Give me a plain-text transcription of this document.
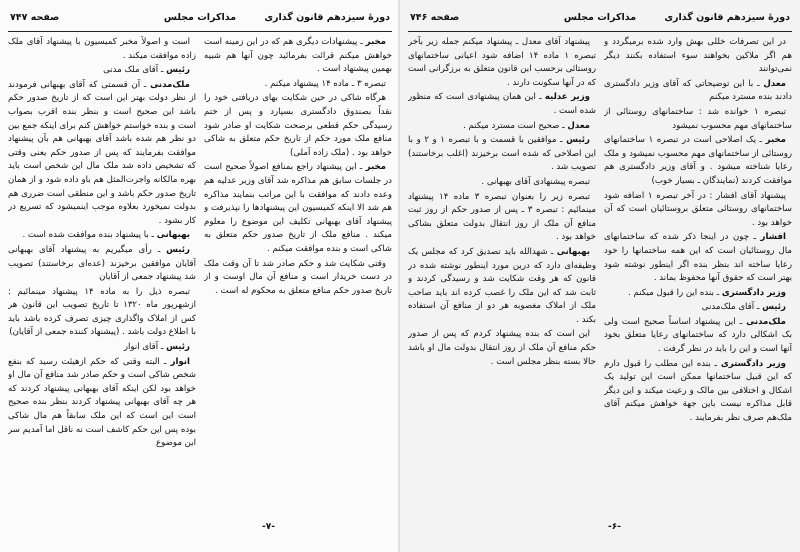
دورهٔ سیزدهم قانون گذاری
مذاکرات مجلس
صفحه ۷۴۷

مخبر ـ پیشنهادات دیگری هم که در این زمینه است خواهش میکنم قرائت بفرمائید چون آنها هم شبیه بهمین پیشنهاد است .

تبصره ۳ ـ ماده ۱۴ پیشنهاد میکنم .

هرگاه شاکی در حین شکایت بهای دریافتی خود را نقداً بصندوق دادگستری بسپارد و پس از ختم رسیدگی حکم قطعی برصحت شکایت او صادر شود منافع ملک مورد حکم از تاریخ حکم متعلق به شاکی خواهد بود . (ملک زاده آملی)

مخبر ـ این پیشنهاد راجع بمنافع اصولاً صحیح است در جلسات سابق هم مذاکره شد آقای وزیر عدلیه هم وعده دادند که موافقت با این مراتب بنمایند مذاکره هم شد الا اینکه کمیسیون این پیشنهادها را نپذیرفت و پیشنهاد آقای بهبهانی تکلیف این موضوع را معلوم میکند . منافع ملک از تاریخ صدور حکم متعلق به شاکی است و بنده موافقت میکنم .

وقتی شکایت شد و حکم صادر شد تا آن وقت ملک در دست خریدار است و منافع آن مال اوست و از تاریخ صدور حکم منافع متعلق به محکوم له است .

است و اصولاً مخبر کمیسیون با پیشنهاد آقای ملک زاده موافقت میکند .

رئیس ـ آقای ملک مدنی

ملک‌مدنی ـ آن قسمتی که آقای بهبهانی فرمودند از نظر دولت بهتر این است که از تاریخ صدور حکم باشد این صحیح است و بنظر بنده اقرب بصواب است و بنده خواستم خواهش کنم برای اینکه جمع بین دو نظر هم شده باشد آقای بهبهانی هم بآن پیشنهاد موافقت بفرمایند که پس از صدور حکم یعنی وقتی که تشخیص داده شد ملک مال این شخص است باید بهره مالکانه واجرت‌المثل هم باو داده شود و از همان تاریخ صدور حکم باشد و این منطقی است ضرری هم بدولت نمیخورد بعلاوه موجب اینمیشود که تسریع در کار بشود .

بهبهانی ـ با پیشنهاد بنده موافقت شده است .

رئیس ـ رأی میگیریم به پیشنهاد آقای بهبهانی آقایان موافقین برخیزند (عده‌ای برخاستند) تصویب شد پیشنهاد جمعی از آقایان

تبصره ذیل را به ماده ۱۴ پیشنهاد مینمائیم : ازشهریور ماه ۱۳۲۰ تا تاریخ تصویب این قانون هر کس از املاک واگذاری چیزی تصرف کرده باشد باید با اطلاع دولت باشد . (پیشنهاد کننده جمعی از آقایان)

رئیس ـ آقای انوار

انوار ـ البته وقتی که حکم ازهیئت رسید که بنفع شخص شاکی است و حکم صادر شد منافع آن مال او خواهد بود لکن اینکه آقای بهبهانی پیشنهاد کردند که هر چه آقای بهبهانی پیشنهاد کردند بنظر بنده صحیح است این است که این ملک سابقاً هم مال شاکی بوده پس این حکم کاشف است نه ناقل اما آمدیم سر این موضوع

-۷-
دورهٔ سیزدهم قانون گذاری
مذاکرات مجلس
صفحه ۷۴۶

در این تصرفات خللی بهش وارد شده برمیگردد و هم اگر ملاکین بخواهند سوء استفاده بکنند دیگر نمی‌توانند

معدل ـ با این توضیحاتی که آقای وزیر دادگستری دادند بنده مسترد میکنم

تبصره ۱ خوانده شد : ساختمانهای روستائی از ساختمانهای مهم محسوب نمیشود

مخبر ـ یک اصلاحی است در تبصره ۱ ساختمانهای روستائی از ساختمانهای مهم محسوب نمیشود و ملک رعایا شناخته میشود . و آقای وزیر دادگستری هم موافقت کردند (نمایندگان ـ بسیار خوب)

پیشنهاد آقای افشار : در آخر تبصره ۱ اضافه شود ساختمانهای روستائی متعلق بروستائیان است که آن خواهد بود .

افشار ـ چون در اینجا ذکر شده که ساختمانهای مال روستائیان است که این همه ساختمانها را خود رعایا ساخته اند بنظر بنده اگر اینطور نوشته شود بهتر است که حقوق آنها محفوظ بماند .

وزیر دادگستری ـ بنده این را قبول میکنم .

رئیس ـ آقای ملک‌مدنی

ملک‌مدنی ـ این پیشنهاد اساساً صحیح است ولی بک اشکالی دارد که ساختمانهای رعایا متعلق بخود آنها است و این را باید در نظر گرفت .

وزیر دادگستری ـ بنده این مطلب را قبول دارم که این قبیل ساختمانها ممکن است این تولید یک اشکال و اختلافی بین مالک و رعیت میکند و این دیگر قابل مذاکره نیست باین جهة خواهش میکنم آقای ملک‌هم صرف نظر بفرمایند .

پیشنهاد آقای معدل ـ پیشنهاد میکنم جمله زیر بآخر تبصره ۱ ماده ۱۴ اضافه شود اعیانی ساختمانهای روستائی برحسب این قانون متعلق به برزگرانی است که در آنها سکونت دارند .

وزیر عدلیه ـ این همان پیشنهادی است که منظور شده است .

معدل ـ صحیح است مسترد میکنم .

رئیس ـ موافقین با قسمت و با تبصره ۱ و ۲ و با این اصلاحی که شده است برخیزند (اغلب برخاستند) تصویب شد .

تبصره پیشنهادی آقای بهبهانی .

تبصره زیر را بعنوان تبصره ۳ ماده ۱۴ پیشنهاد مینمائیم : تبصره ۳ ـ پس از صدور حکم از روز ثبت منافع آن ملک از روز انتقال بدولت متعلق بشاکی خواهد بود .

بهبهانی ـ شهدالله باید تصدیق کرد که مجلس یک وظیفه‌ای دارد که درین مورد اینطور نوشته شده در قانون که هر وقت شکایت شد و رسیدگی کردند و ثابت شد که این ملک را غصب کرده اند باید صاحب ملک از املاک مغصوبه هر دو از منافع آن استفاده بکند .

این است که بنده پیشنهاد کردم که پس از صدور حکم منافع آن ملک از روز انتقال بدولت مال او باشد حالا بسته بنظر مجلس است .

-۶-
